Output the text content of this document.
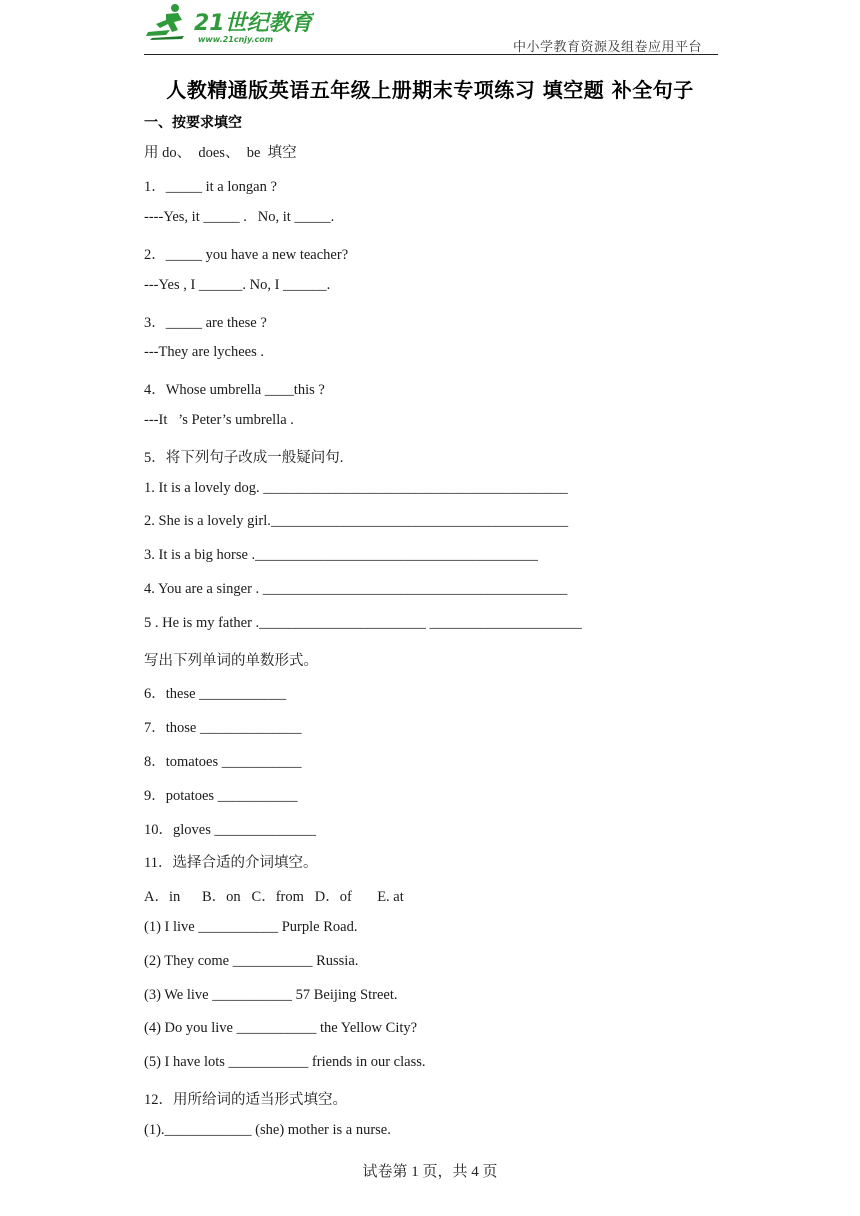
21世纪教育
www.21cnjy.com
中小学教育资源及组卷应用平台
人教精通版英语五年级上册期末专项练习 填空题 补全句子
一、按要求填空
用 do、  does、  be  填空
1．_____ it a longan ?
----Yes, it _____ .   No, it _____.
2．_____ you have a new teacher?
---Yes , I ______. No, I ______.
3．_____ are these ?
---They are lychees .
4．Whose umbrella ____this ?
---It   ’s Peter’s umbrella .
5．将下列句子改成一般疑问句.
1. It is a lovely dog. __________________________________________
2. She is a lovely girl._________________________________________
3. It is a big horse ._______________________________________
4. You are a singer . __________________________________________
5 . He is my father ._______________________ _____________________
写出下列单词的单数形式。
6．these ____________
7．those ______________
8．tomatoes ___________
9．potatoes ___________
10．gloves ______________
11．选择合适的介词填空。
A．in      B．on   C．from   D．of       E. at
(1) I live ___________ Purple Road.
(2) They come ___________ Russia.
(3) We live ___________ 57 Beijing Street.
(4) Do you live ___________ the Yellow City?
(5) I have lots ___________ friends in our class.
12．用所给词的适当形式填空。
(1).____________ (she) mother is a nurse.
试卷第 1 页，共 4 页
